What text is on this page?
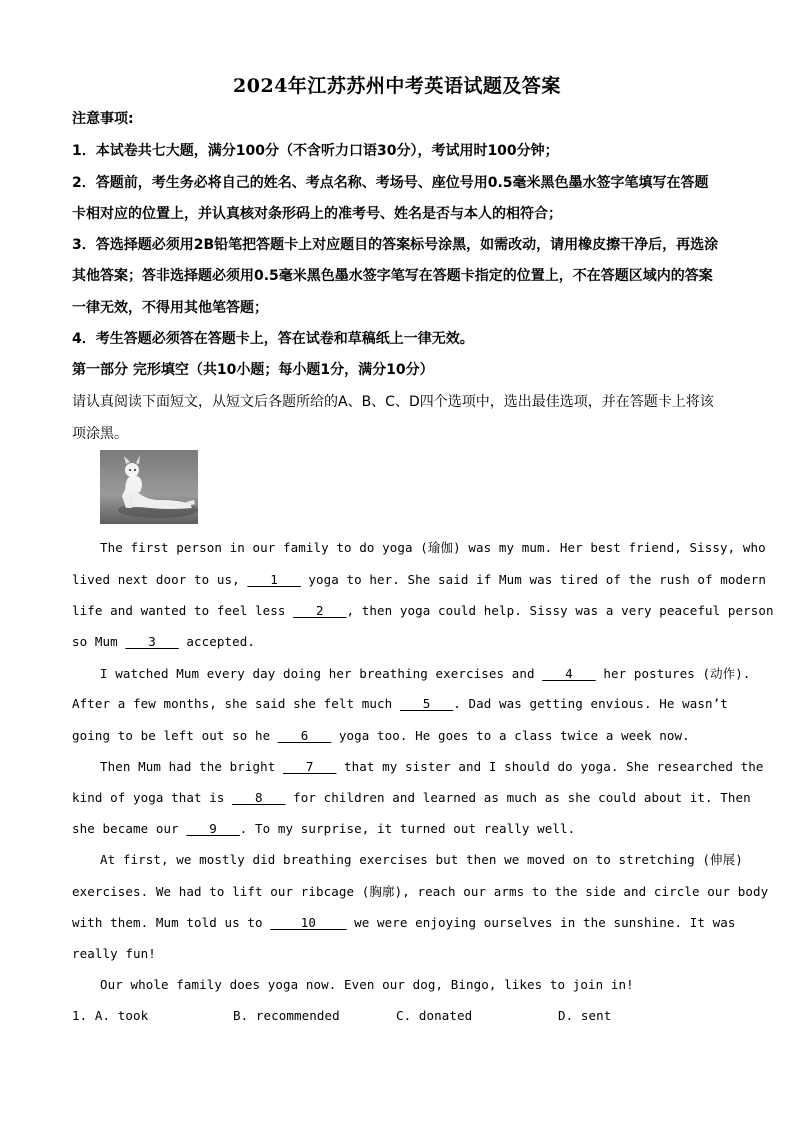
2024年江苏苏州中考英语试题及答案
注意事项:
1．本试卷共七大题，满分100分（不含听力口语30分），考试用时100分钟；
2．答题前，考生务必将自己的姓名、考点名称、考场号、座位号用0.5毫米黑色墨水签字笔填写在答题
卡相对应的位置上，并认真核对条形码上的准考号、姓名是否与本人的相符合；
3．答选择题必须用2B铅笔把答题卡上对应题目的答案标号涂黑，如需改动，请用橡皮擦干净后，再选涂
其他答案；答非选择题必须用0.5毫米黑色墨水签字笔写在答题卡指定的位置上，不在答题区域内的答案
一律无效，不得用其他笔答题；
4．考生答题必须答在答题卡上，答在试卷和草稿纸上一律无效。
第一部分 完形填空（共10小题；每小题1分，满分10分）
请认真阅读下面短文，从短文后各题所给的A、B、C、D四个选项中，选出最佳选项，并在答题卡上将该
项涂黑。
The first person in our family to do yoga (瑜伽) was my mum. Her best friend, Sissy, who
lived next door to us,    1    yoga to her. She said if Mum was tired of the rush of modern
life and wanted to feel less    2   , then yoga could help. Sissy was a very peaceful person
so Mum    3    accepted.
I watched Mum every day doing her breathing exercises and    4    her postures (动作).
After a few months, she said she felt much    5   . Dad was getting envious. He wasn’t
going to be left out so he    6    yoga too. He goes to a class twice a week now.
Then Mum had the bright    7    that my sister and I should do yoga. She researched the
kind of yoga that is    8    for children and learned as much as she could about it. Then
she became our    9   . To my surprise, it turned out really well.
At first, we mostly did breathing exercises but then we moved on to stretching (伸展)
exercises. We had to lift our ribcage (胸廓), reach our arms to the side and circle our body
with them. Mum told us to     10     we were enjoying ourselves in the sunshine. It was
really fun!
Our whole family does yoga now. Even our dog, Bingo, likes to join in!
1. A. took	B. recommended	C. donated	D. sent
